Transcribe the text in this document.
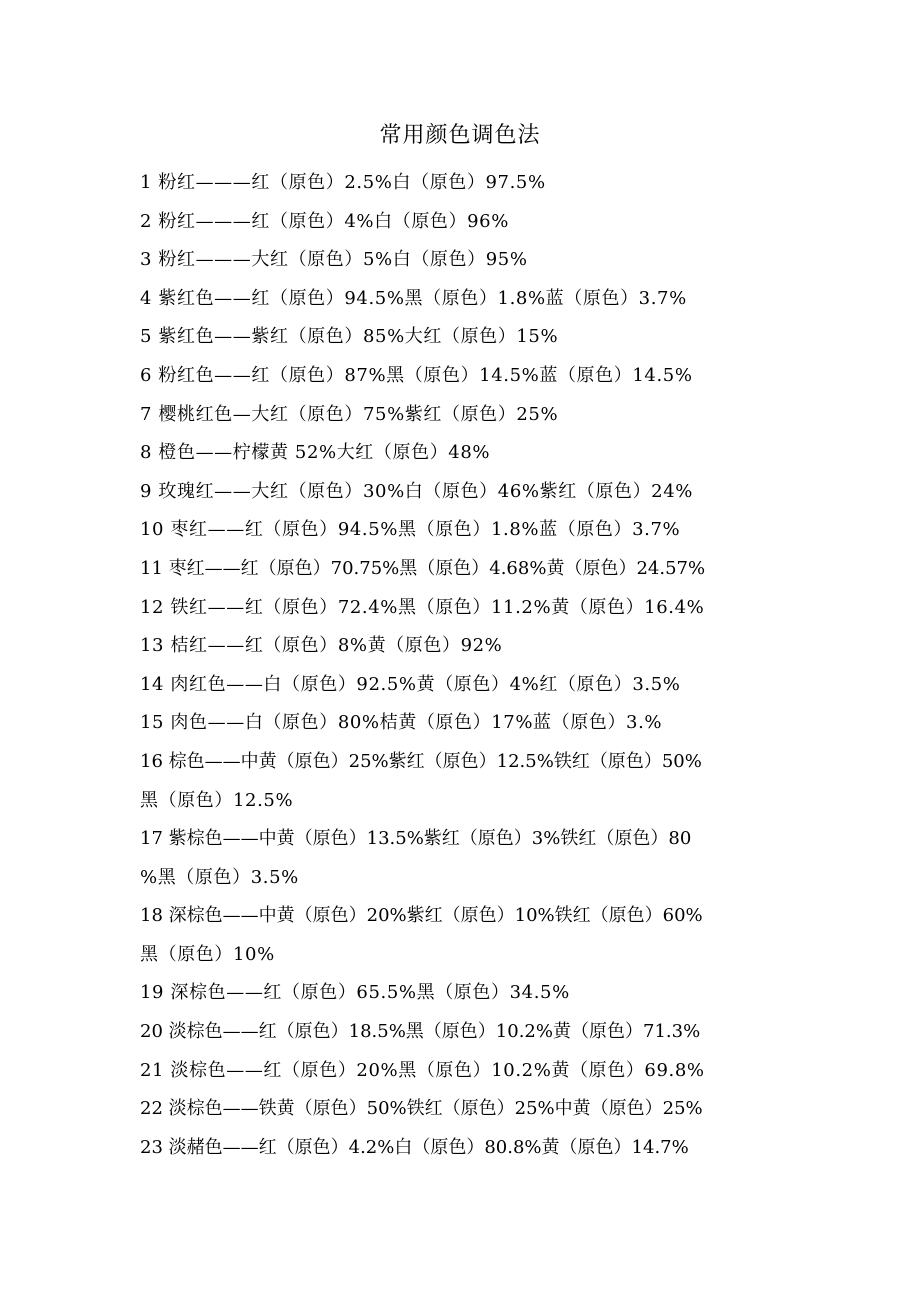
常用颜色调色法
1 粉红———红（原色）2.5%白（原色）97.5%
2 粉红———红（原色）4%白（原色）96%
3 粉红———大红（原色）5%白（原色）95%
4 紫红色——红（原色）94.5%黑（原色）1.8%蓝（原色）3.7%
5 紫红色——紫红（原色）85%大红（原色）15%
6 粉红色——红（原色）87%黑（原色）14.5%蓝（原色）14.5%
7 樱桃红色—大红（原色）75%紫红（原色）25%
8 橙色——柠檬黄 52%大红（原色）48%
9 玫瑰红——大红（原色）30%白（原色）46%紫红（原色）24%
10 枣红——红（原色）94.5%黑（原色）1.8%蓝（原色）3.7%
11 枣红——红（原色）70.75%黑（原色）4.68%黄（原色）24.57%
12 铁红——红（原色）72.4%黑（原色）11.2%黄（原色）16.4%
13 桔红——红（原色）8%黄（原色）92%
14 肉红色——白（原色）92.5%黄（原色）4%红（原色）3.5%
15 肉色——白（原色）80%桔黄（原色）17%蓝（原色）3.%
16 棕色——中黄（原色）25%紫红（原色）12.5%铁红（原色）50%
黑（原色）12.5%
17 紫棕色——中黄（原色）13.5%紫红（原色）3%铁红（原色）80
%黑（原色）3.5%
18 深棕色——中黄（原色）20%紫红（原色）10%铁红（原色）60%
黑（原色）10%
19 深棕色——红（原色）65.5%黑（原色）34.5%
20 淡棕色——红（原色）18.5%黑（原色）10.2%黄（原色）71.3%
21 淡棕色——红（原色）20%黑（原色）10.2%黄（原色）69.8%
22 淡棕色——铁黄（原色）50%铁红（原色）25%中黄（原色）25%
23 淡赭色——红（原色）4.2%白（原色）80.8%黄（原色）14.7%
